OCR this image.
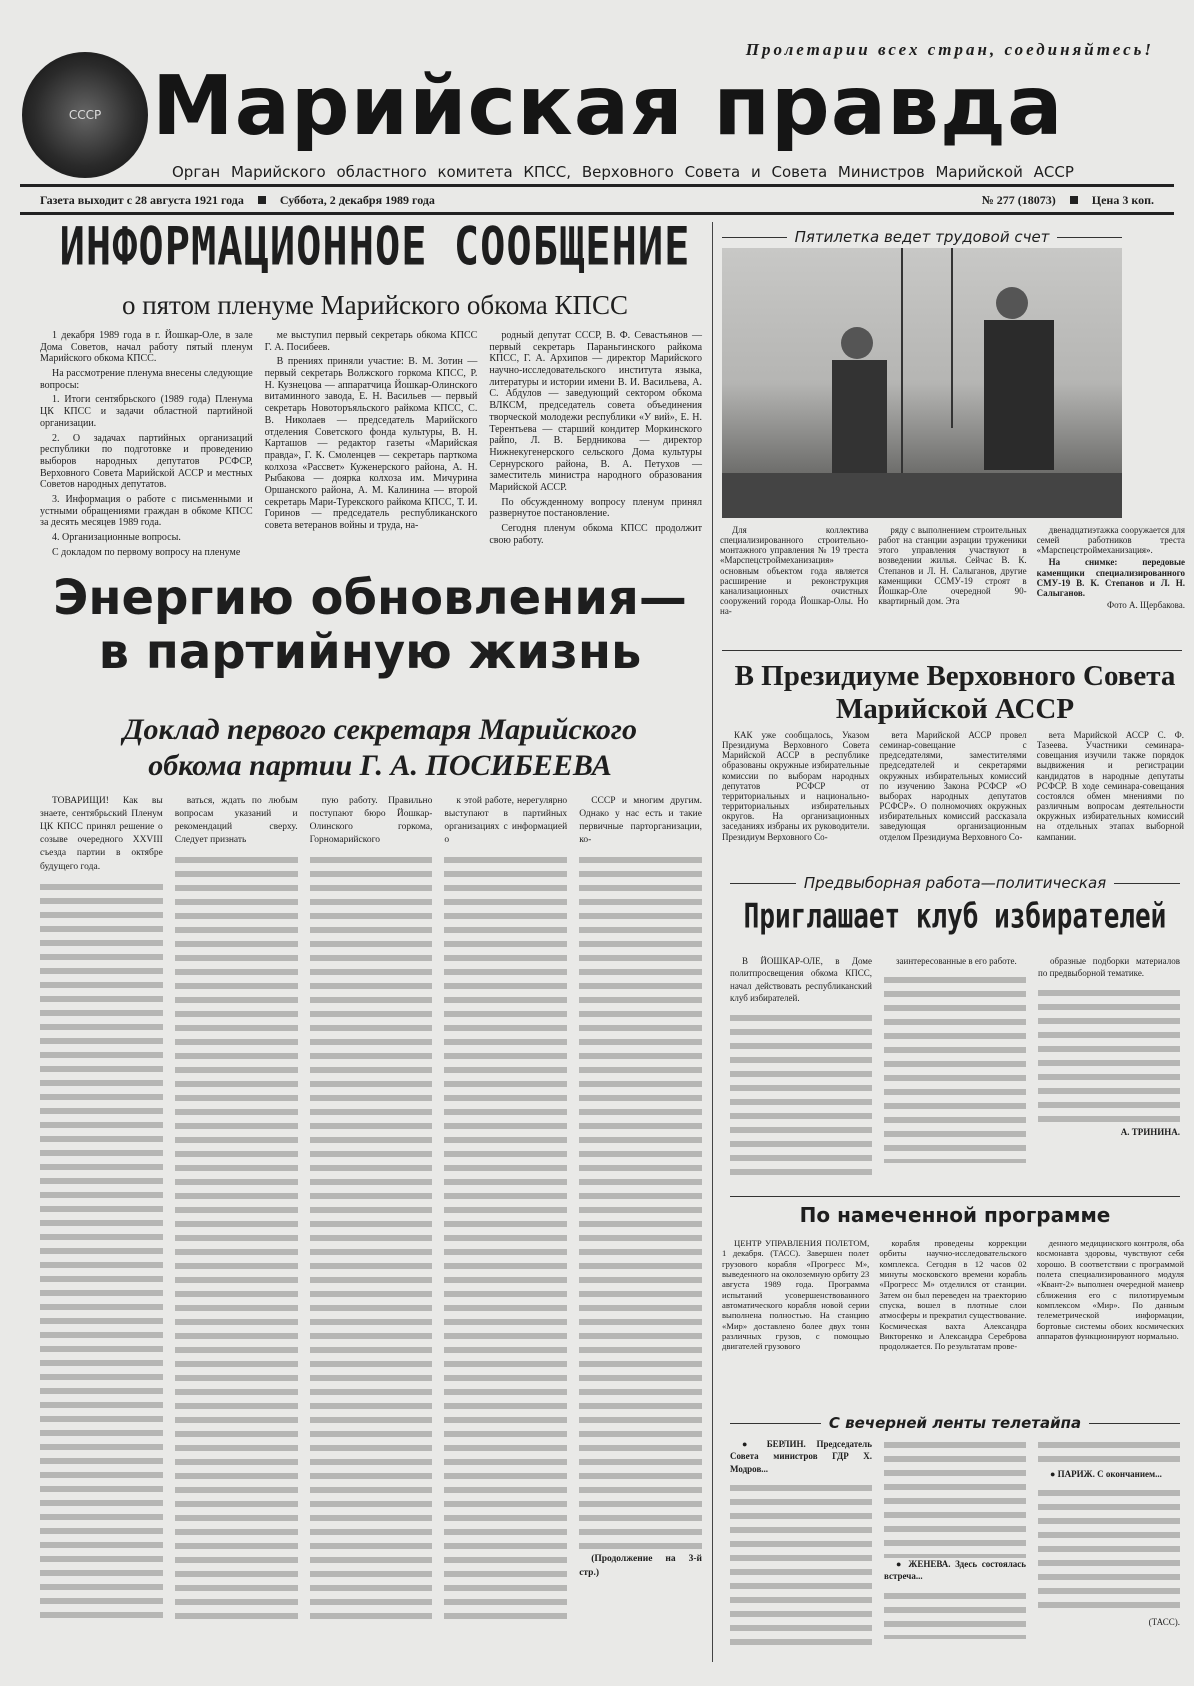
Пролетарии всех стран, соединяйтесь!
СССР Марийская правда
Орган Марийского областного комитета КПСС, Верховного Совета и Совета Министров Марийской АССР
Газета выходит с 28 августа 1921 года	Суббота, 2 декабря 1989 года	№ 277 (18073)	Цена 3 коп.
ИНФОРМАЦИОННОЕ СООБЩЕНИЕ
о пятом пленуме Марийского обкома КПСС

1 декабря 1989 года в г. Йошкар-Оле, в зале Дома Советов, начал работу пятый пленум Марийского обкома КПСС.

На рассмотрение пленума внесены следующие вопросы:

1. Итоги сентябрьского (1989 года) Пленума ЦК КПСС и задачи областной партийной организации.

2. О задачах партийных организаций республики по подготовке и проведению выборов народных депутатов РСФСР, Верховного Совета Марийской АССР и местных Советов народных депутатов.

3. Информация о работе с письменными и устными обращениями граждан в обкоме КПСС за десять месяцев 1989 года.

4. Организационные вопросы.

С докладом по первому вопросу на пленуме

ме выступил первый секретарь обкома КПСС Г. А. Посибеев.

В прениях приняли участие: В. М. Зотин — первый секретарь Волжского горкома КПСС, Р. Н. Кузнецова — аппаратчица Йошкар-Олинского витаминного завода, Е. Н. Васильев — первый секретарь Новоторъяльского райкома КПСС, С. В. Николаев — председатель Марийского отделения Советского фонда культуры, В. Н. Карташов — редактор газеты «Марийская правда», Г. К. Смоленцев — секретарь парткома колхоза «Рассвет» Куженерского района, А. Н. Рыбакова — доярка колхоза им. Мичурина Оршанского района, А. М. Калинина — второй секретарь Мари-Турекского райкома КПСС, Т. И. Горинов — председатель республиканского совета ветеранов войны и труда, на-

родный депутат СССР, В. Ф. Севастьянов — первый секретарь Параньгинского райкома КПСС, Г. А. Архипов — директор Марийского научно-исследовательского института языка, литературы и истории имени В. И. Васильева, А. С. Абдулов — заведующий сектором обкома ВЛКСМ, председатель совета объединения творческой молодежи республики «У вий», Е. Н. Терентьева — старший кондитер Моркинского райпо, Л. В. Бердникова — директор Нижнекугенерского сельского Дома культуры Сернурского района, В. А. Петухов — заместитель министра народного образования Марийской АССР.

По обсужденному вопросу пленум принял развернутое постановление.

Сегодня пленум обкома КПСС продолжит свою работу.

Пятилетка ведет трудовой счет

Для коллектива специализированного строительно-монтажного управления № 19 треста «Марспецстроймеханизация» основным объектом года является расширение и реконструкция канализационных очистных сооружений города Йошкар-Олы. Но на-

ряду с выполнением строительных работ на станции аэрации труженики этого управления участвуют в возведении жилья. Сейчас В. К. Степанов и Л. Н. Салыганов, другие каменщики ССМУ-19 строят в Йошкар-Оле очередной 90-квартирный дом. Эта

двенадцатиэтажка сооружается для семей работников треста «Марспецстроймеханизация».

На снимке: передовые каменщики специализированного СМУ-19 В. К. Степанов и Л. Н. Салыганов.

Фото А. Щербакова.

Энергию обновления—
в партийную жизнь
Доклад первого секретаря Марийского обкома партии Г. А. ПОСИБЕЕВА

ТОВАРИЩИ! Как вы знаете, сентябрьский Пленум ЦК КПСС принял решение о созыве очередного XXVIII съезда партии в октябре будущего года.

ваться, ждать по любым вопросам указаний и рекомендаций сверху. Следует признать

пую работу. Правильно поступают бюро Йошкар-Олинского горкома, Горномарийского

к этой работе, нерегулярно выступают в партийных организациях с информацией о

СССР и многим другим. Однако у нас есть и такие первичные парторганизации, ко-

(Продолжение на 3-й стр.)

В Президиуме Верховного Совета Марийской АССР

КАК уже сообщалось, Указом Президиума Верховного Совета Марийской АССР в республике образованы окружные избирательные комиссии по выборам народных депутатов РСФСР от территориальных и национально-территориальных избирательных округов. На организационных заседаниях избраны их руководители. Президиум Верховного Со-

вета Марийской АССР провел семинар-совещание с председателями, заместителями председателей и секретарями окружных избирательных комиссий по изучению Закона РСФСР «О выборах народных депутатов РСФСР». О полномочиях окружных избирательных комиссий рассказала заведующая организационным отделом Президиума Верховного Со-

вета Марийской АССР С. Ф. Тазеева. Участники семинара-совещания изучили также порядок выдвижения и регистрации кандидатов в народные депутаты РСФСР. В ходе семинара-совещания состоялся обмен мнениями по различным вопросам деятельности окружных избирательных комиссий на отдельных этапах выборной кампании.

Предвыборная работа—политическая
Приглашает клуб избирателей

В ЙОШКАР-ОЛЕ, в Доме политпросвещения обкома КПСС, начал действовать республиканский клуб избирателей.

заинтересованные в его работе.	образные подборки материалов по предвыборной тематике.

А. ТРИНИНА.

По намеченной программе

ЦЕНТР УПРАВЛЕНИЯ ПОЛЕТОМ, 1 декабря. (ТАСС). Завершен полет грузового корабля «Прогресс М», выведенного на околоземную орбиту 23 августа 1989 года. Программа испытаний усовершенствованного автоматического корабля новой серии выполнена полностью. На станцию «Мир» доставлено более двух тонн различных грузов, с помощью двигателей грузового

корабля проведены коррекции орбиты научно-исследовательского комплекса. Сегодня в 12 часов 02 минуты московского времени корабль «Прогресс М» отделился от станции. Затем он был переведен на траекторию спуска, вошел в плотные слои атмосферы и прекратил существование. Космическая вахта Александра Викторенко и Александра Сереброва продолжается. По результатам прове-

денного медицинского контроля, оба космонавта здоровы, чувствуют себя хорошо. В соответствии с программой полета специализированного модуля «Квант-2» выполнен очередной маневр сближения его с пилотируемым комплексом «Мир». По данным телеметрической информации, бортовые системы обоих космических аппаратов функционируют нормально.

С вечерней ленты телетайпа

● БЕРЛИН. Председатель Совета министров ГДР Х. Модров...

● ЖЕНЕВА. Здесь состоялась встреча...

● ПАРИЖ. С окончанием...

(ТАСС).
